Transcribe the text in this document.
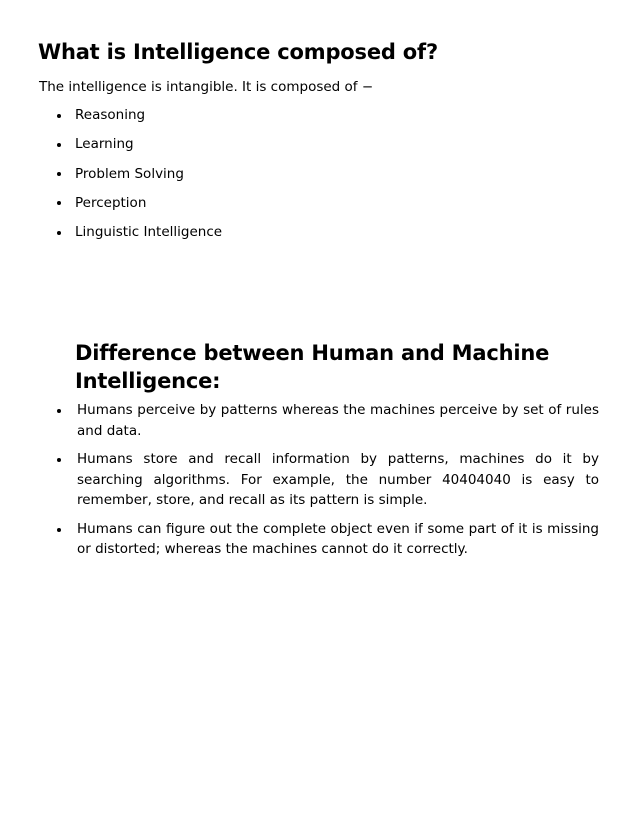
What is Intelligence composed of?

The intelligence is intangible. It is composed of −

Reasoning
Learning
Problem Solving
Perception
Linguistic Intelligence
Difference between Human and Machine Intelligence:
Humans perceive by patterns whereas the machines perceive by set of rules and data.
Humans store and recall information by patterns, machines do it by searching algorithms. For example, the number 40404040 is easy to remember, store, and recall as its pattern is simple.
Humans can figure out the complete object even if some part of it is missing or distorted; whereas the machines cannot do it correctly.
